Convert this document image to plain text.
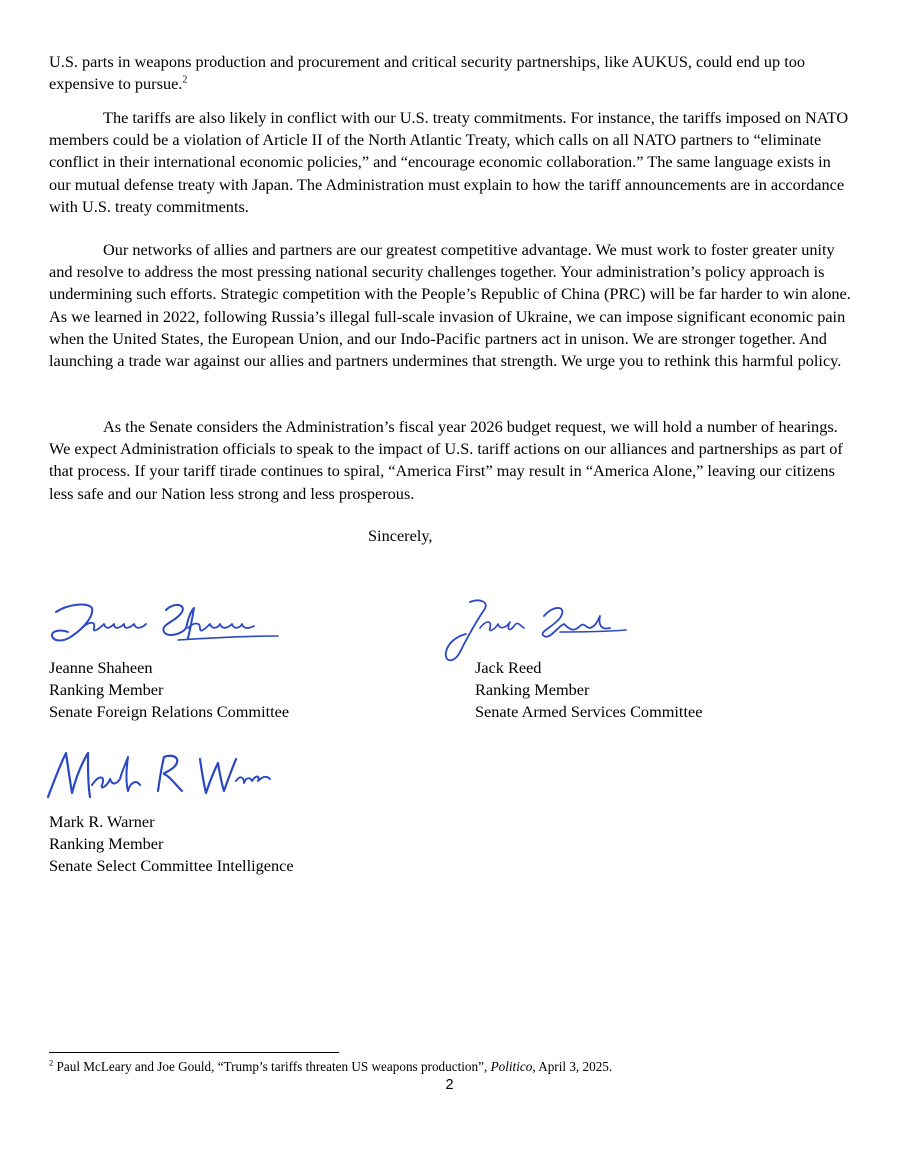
U.S. parts in weapons production and procurement and critical security partnerships, like AUKUS, could end up too expensive to pursue.$^2$

The tariffs are also likely in conflict with our U.S. treaty commitments. For instance, the tariffs imposed on NATO members could be a violation of Article II of the North Atlantic Treaty, which calls on all NATO partners to “eliminate conflict in their international economic policies,” and “encourage economic collaboration.” The same language exists in our mutual defense treaty with Japan. The Administration must explain to how the tariff announcements are in accordance with U.S. treaty commitments.

Our networks of allies and partners are our greatest competitive advantage. We must work to foster greater unity and resolve to address the most pressing national security challenges together. Your administration’s policy approach is undermining such efforts. Strategic competition with the People’s Republic of China (PRC) will be far harder to win alone. As we learned in 2022, following Russia’s illegal full-scale invasion of Ukraine, we can impose significant economic pain when the United States, the European Union, and our Indo-Pacific partners act in unison. We are stronger together. And launching a trade war against our allies and partners undermines that strength. We urge you to rethink this harmful policy.

As the Senate considers the Administration’s fiscal year 2026 budget request, we will hold a number of hearings. We expect Administration officials to speak to the impact of U.S. tariff actions on our alliances and partnerships as part of that process. If your tariff tirade continues to spiral, “America First” may result in “America Alone,” leaving our citizens less safe and our Nation less strong and less prosperous.

Sincerely,
Jeanne Shaheen
Ranking Member
Senate Foreign Relations Committee
Jack Reed
Ranking Member
Senate Armed Services Committee
Mark R. Warner
Ranking Member
Senate Select Committee Intelligence
$^2$ Paul McLeary and Joe Gould, “Trump’s tariffs threaten US weapons production”, Politico, April 3, 2025.
2
